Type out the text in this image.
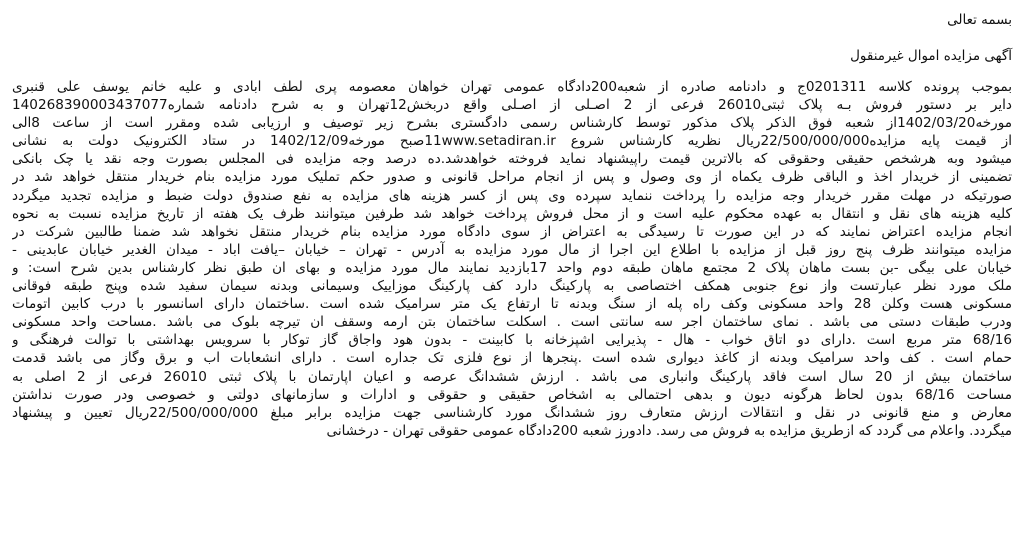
بسمه تعالی

آگهی مزایده اموال غیرمنقول

بموجب پرونده کلاسه 0201311ج و دادنامه صادره از شعبه200دادگاه عمومی تهران خواهان معصومه پری لطف ابادی و علیه خانم یوسف علی قنبری
دایر بر دستور فروش بـه پلاک ثبتی26010 فرعی از 2 اصـلی از اصـلی واقع دربخش12تهران و به شرح دادنامه شماره140268390003437077
مورخه1402/03/20از شعبه فوق الذکر پلاک مذکور توسط کارشناس رسمی دادگستری بشرح زیر توصیف و ارزیابی شده ومقرر است از ساعت 8الی
از قیمت پایه مزایده22/500/000/000ریال نظریه کارشناس شروع 11www.setadiran.irصبح مورخه1402/12/09 در ستاد الکترونیک دولت به نشانی
میشود وبه هرشخص حقیقی وحقوقی که بالاترین قیمت راپیشنهاد نماید فروخته خواهدشد.ده درصد وجه مزایده فی المجلس بصورت وجه نقد یا چک بانکی
تضمینی از خریدار اخذ و الباقی ظرف یکماه از وی وصول و پس از انجام مراحل قانونی و صدور حکم تملیک مورد مزایده بنام خریدار منتقل خواهد شد در
صورتیکه در مهلت مقرر خریدار وجه مزایده را پرداخت ننماید سپرده وی پس از کسر هزینه های مزایده به نفع صندوق دولت ضبط و مزایده تجدید میگردد
کلیه هزینه های نقل و انتقال به عهده محکوم علیه است و از محل فروش پرداخت خواهد شد طرفین میتوانند ظرف یک هفته از تاریخ مزایده نسبت به نحوه
انجام مزایده اعتراض نمایند که در این صورت تا رسیدگی به اعتراض از سوی دادگاه مورد مزایده بنام خریدار منتقل نخواهد شد ضمنا طالبین شرکت در
مزایده میتوانند ظرف پنج روز قبل از مزایده با اطلاع این اجرا از مال مورد مزایده به آدرس - تهران – خیابان –یافت اباد - میدان الغدیر خیابان عابدینی -
خیابان علی بیگی -بن بست ماهان پلاک 2 مجتمع ماهان طبقه دوم واحد 17بازدید نمایند مال مورد مزایده و بهای ان طبق نظر کارشناس بدین شرح است: و
ملک مورد نظر عبارتست واز نوع جنوبی همکف اختصاصی به پارکینگ دارد کف پارکینگ موزاییک وسیمانی وبدنه سیمان سفید شده وپنج طبقه فوقانی
مسکونی هست وکلن 28 واحد مسکونی وکف راه پله از سنگ وبدنه تا ارتفاع یک متر سرامیک شده است .ساختمان دارای اسانسور با درب کابین اتومات
ودرب طبقات دستی می باشد . نمای ساختمان اجر سه سانتی است . اسکلت ساختمان بتن ارمه وسقف ان تیرچه بلوک می باشد .مساحت واحد مسکونی
68/16 متر مربع است .دارای دو اتاق خواب - هال - پذیرایی اشپزخانه با کابینت - بدون هود واجاق گاز توکار با سرویس بهداشتی با توالت فرهنگی و
حمام است . کف واحد سرامیک وبدنه از کاغذ دیواری شده است .پنجرها از نوع فلزی تک جداره است . دارای انشعابات اب و برق وگاز می باشد قدمت
ساختمان بیش از 20 سال است فاقد پارکینگ وانباری می باشد . ارزش ششدانگ عرصه و اعیان اپارتمان با پلاک ثبتی 26010 فرعی از 2 اصلی به
مساحت 68/16 بدون لحاظ هرگونه دیون و بدهی احتمالی به اشخاص حقیقی و حقوقی و ادارات و سازمانهای دولتی و خصوصی ودر صورت نداشتن
معارض و منع قانونی در نقل و انتقالات ارزش متعارف روز ششدانگ مورد کارشناسی جهت مزایده برابر مبلغ 22/500/000/000ریال تعیین و پیشنهاد
میگردد. واعلام می گردد که ازطریق مزایده به فروش می رسد. دادورز شعبه 200دادگاه عمومی حقوقی تهران - درخشانی
